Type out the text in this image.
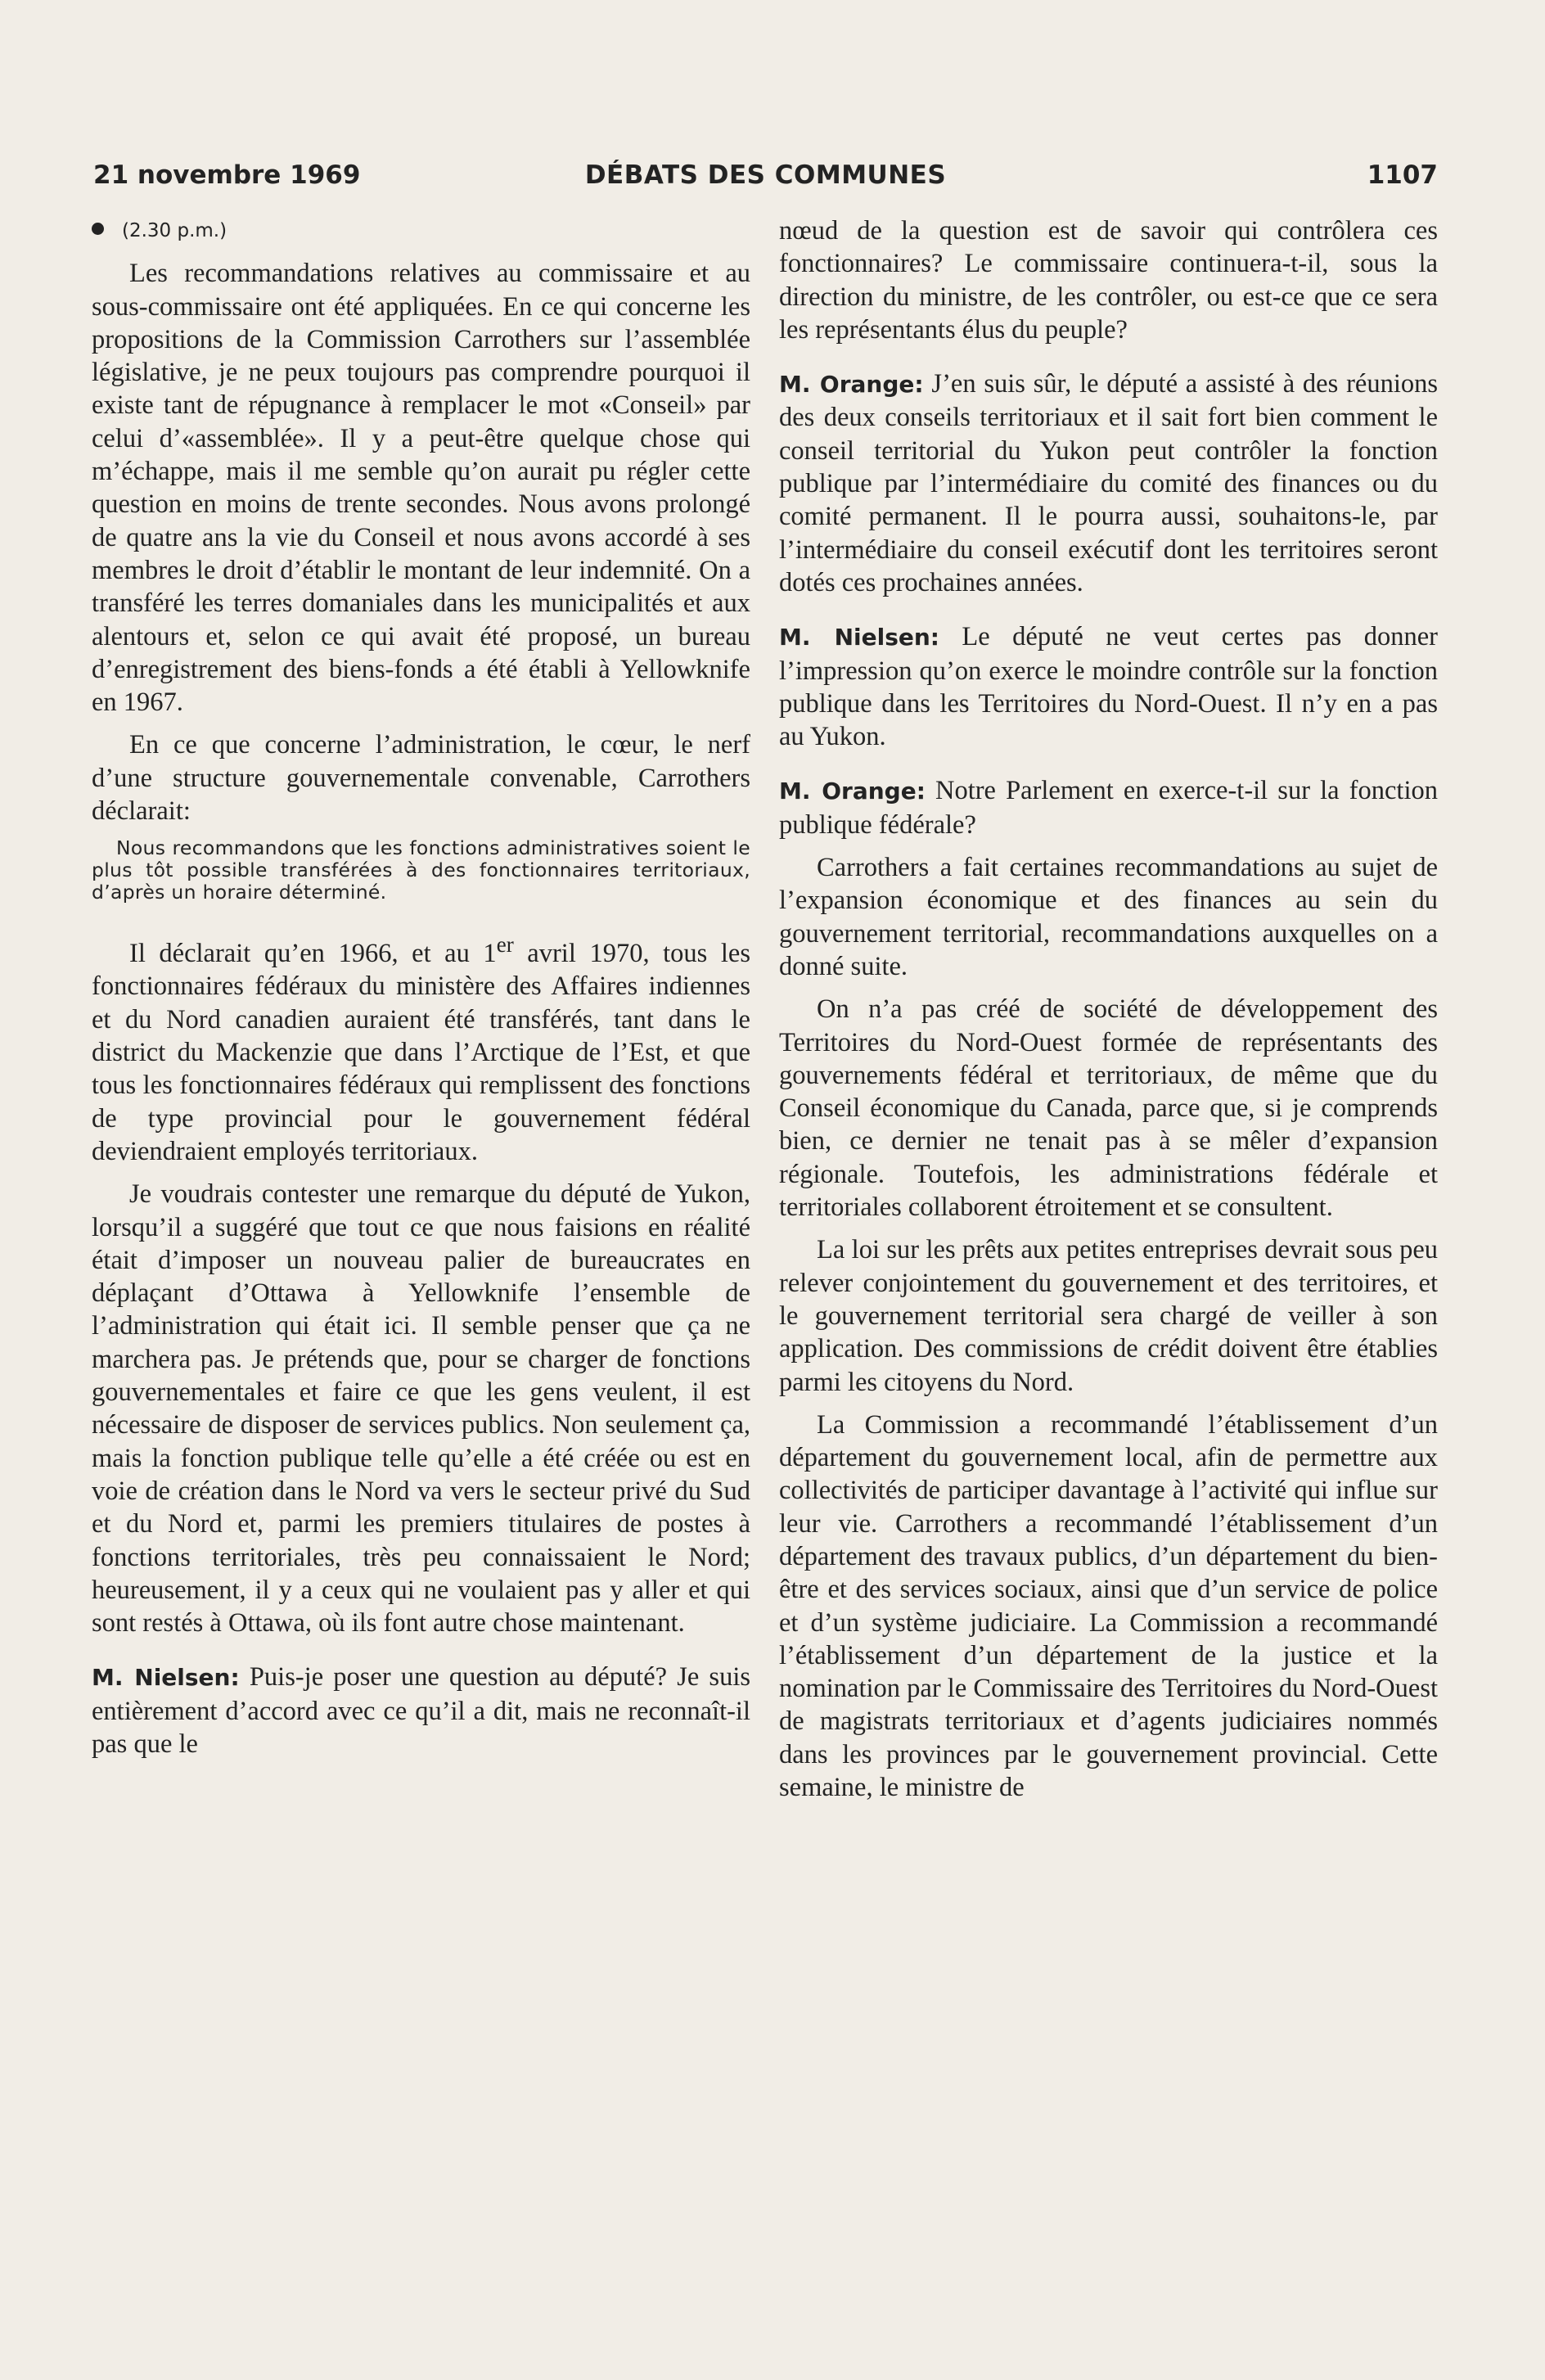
21 novembre 1969	DÉBATS DES COMMUNES	1107

(2.30 p.m.)

Les recommandations relatives au commissaire et au sous-commissaire ont été appliquées. En ce qui concerne les propositions de la Commission Carrothers sur l’assemblée législative, je ne peux toujours pas comprendre pourquoi il existe tant de répugnance à remplacer le mot «Conseil» par celui d’«assemblée». Il y a peut-être quelque chose qui m’échappe, mais il me semble qu’on aurait pu régler cette question en moins de trente secondes. Nous avons prolongé de quatre ans la vie du Conseil et nous avons accordé à ses membres le droit d’établir le montant de leur indemnité. On a transféré les terres domaniales dans les municipalités et aux alentours et, selon ce qui avait été proposé, un bureau d’enregistrement des biens-fonds a été établi à Yellowknife en 1967.

En ce que concerne l’administration, le cœur, le nerf d’une structure gouvernementale convenable, Carrothers déclarait:

Nous recommandons que les fonctions administratives soient le plus tôt possible transférées à des fonctionnaires territoriaux, d’après un horaire déterminé.

Il déclarait qu’en 1966, et au 1er avril 1970, tous les fonctionnaires fédéraux du ministère des Affaires indiennes et du Nord canadien auraient été transférés, tant dans le district du Mackenzie que dans l’Arctique de l’Est, et que tous les fonctionnaires fédéraux qui remplissent des fonctions de type provincial pour le gouvernement fédéral deviendraient employés territoriaux.

Je voudrais contester une remarque du député de Yukon, lorsqu’il a suggéré que tout ce que nous faisions en réalité était d’imposer un nouveau palier de bureaucrates en déplaçant d’Ottawa à Yellowknife l’ensemble de l’administration qui était ici. Il semble penser que ça ne marchera pas. Je prétends que, pour se charger de fonctions gouvernementales et faire ce que les gens veulent, il est nécessaire de disposer de services publics. Non seulement ça, mais la fonction publique telle qu’elle a été créée ou est en voie de création dans le Nord va vers le secteur privé du Sud et du Nord et, parmi les premiers titulaires de postes à fonctions territoriales, très peu connaissaient le Nord; heureusement, il y a ceux qui ne voulaient pas y aller et qui sont restés à Ottawa, où ils font autre chose maintenant.

M. Nielsen: Puis-je poser une question au député? Je suis entièrement d’accord avec ce qu’il a dit, mais ne reconnaît-il pas que le

nœud de la question est de savoir qui contrôlera ces fonctionnaires? Le commissaire continuera-t-il, sous la direction du ministre, de les contrôler, ou est-ce que ce sera les représentants élus du peuple?

M. Orange: J’en suis sûr, le député a assisté à des réunions des deux conseils territoriaux et il sait fort bien comment le conseil territorial du Yukon peut contrôler la fonction publique par l’intermédiaire du comité des finances ou du comité permanent. Il le pourra aussi, souhaitons-le, par l’intermédiaire du conseil exécutif dont les territoires seront dotés ces prochaines années.

M. Nielsen: Le député ne veut certes pas donner l’impression qu’on exerce le moindre contrôle sur la fonction publique dans les Territoires du Nord-Ouest. Il n’y en a pas au Yukon.

M. Orange: Notre Parlement en exerce-t-il sur la fonction publique fédérale?

Carrothers a fait certaines recommandations au sujet de l’expansion économique et des finances au sein du gouvernement territorial, recommandations auxquelles on a donné suite.

On n’a pas créé de société de développement des Territoires du Nord-Ouest formée de représentants des gouvernements fédéral et territoriaux, de même que du Conseil économique du Canada, parce que, si je comprends bien, ce dernier ne tenait pas à se mêler d’expansion régionale. Toutefois, les administrations fédérale et territoriales collaborent étroitement et se consultent.

La loi sur les prêts aux petites entreprises devrait sous peu relever conjointement du gouvernement et des territoires, et le gouvernement territorial sera chargé de veiller à son application. Des commissions de crédit doivent être établies parmi les citoyens du Nord.

La Commission a recommandé l’établissement d’un département du gouvernement local, afin de permettre aux collectivités de participer davantage à l’activité qui influe sur leur vie. Carrothers a recommandé l’établissement d’un département des travaux publics, d’un département du bien-être et des services sociaux, ainsi que d’un service de police et d’un système judiciaire. La Commission a recommandé l’établissement d’un département de la justice et la nomination par le Commissaire des Territoires du Nord-Ouest de magistrats territoriaux et d’agents judiciaires nommés dans les provinces par le gouvernement provincial. Cette semaine, le ministre de
